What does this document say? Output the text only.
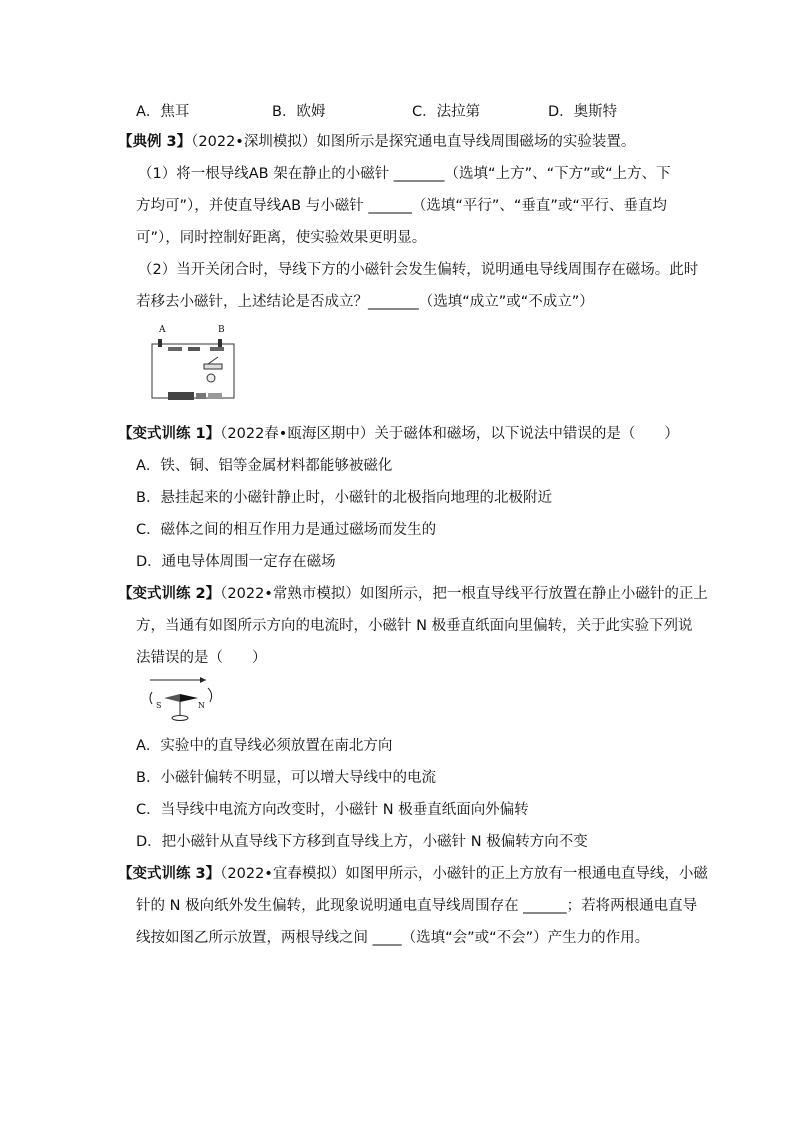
A．焦耳	B．欧姆	C．法拉第	D．奥斯特
【典例 3】（2022•深圳模拟）如图所示是探究通电直导线周围磁场的实验装置。
（1）将一根导线AB 架在静止的小磁针 _______（选填“上方”、“下方”或“上方、下
方均可”），并使直导线AB 与小磁针 ______（选填“平行”、“垂直”或“平行、垂直均
可”），同时控制好距离，使实验效果更明显。
（2）当开关闭合时，导线下方的小磁针会发生偏转，说明通电导线周围存在磁场。此时
若移去小磁针，上述结论是否成立？_______（选填“成立”或“不成立”）
A	B
【变式训练 1】（2022春•瓯海区期中）关于磁体和磁场，以下说法中错误的是（　　）
A．铁、铜、铝等金属材料都能够被磁化
B．悬挂起来的小磁针静止时，小磁针的北极指向地理的北极附近
C．磁体之间的相互作用力是通过磁场而发生的
D．通电导体周围一定存在磁场
【变式训练 2】（2022•常熟市模拟）如图所示，把一根直导线平行放置在静止小磁针的正上
方，当通有如图所示方向的电流时，小磁针 N 极垂直纸面向里偏转，关于此实验下列说
法错误的是（　　）
S	N
A．实验中的直导线必须放置在南北方向
B．小磁针偏转不明显，可以增大导线中的电流
C．当导线中电流方向改变时，小磁针 N 极垂直纸面向外偏转
D．把小磁针从直导线下方移到直导线上方，小磁针 N 极偏转方向不变
【变式训练 3】（2022•宜春模拟）如图甲所示，小磁针的正上方放有一根通电直导线，小磁
针的 N 极向纸外发生偏转，此现象说明通电直导线周围存在 ______；若将两根通电直导
线按如图乙所示放置，两根导线之间 ____（选填“会”或“不会”）产生力的作用。
